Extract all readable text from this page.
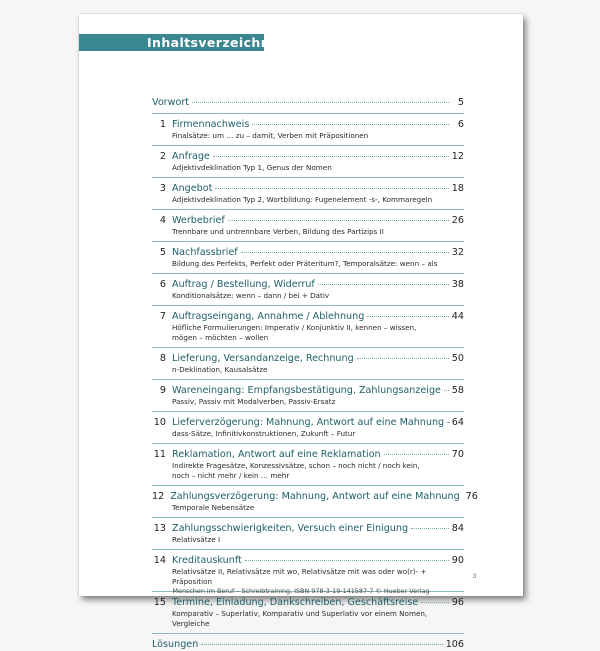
Inhaltsverzeichnis
Vorwort	5
1 Firmennachweis	6
Finalsätze: um … zu – damit, Verben mit Präpositionen
2 Anfrage	12
Adjektivdeklination Typ 1, Genus der Nomen
3 Angebot	18
Adjektivdeklination Typ 2, Wortbildung: Fugenelement -s-, Kommaregeln
4 Werbebrief	26
Trennbare und untrennbare Verben, Bildung des Partizips II
5 Nachfassbrief	32
Bildung des Perfekts, Perfekt oder Präteritum?, Temporalsätze: wenn – als
6 Auftrag / Bestellung, Widerruf	38
Konditionalsätze: wenn – dann / bei + Dativ
7 Auftragseingang, Annahme / Ablehnung	44
Höfliche Formulierungen: Imperativ / Konjunktiv II, kennen – wissen,
mögen – möchten – wollen
8 Lieferung, Versandanzeige, Rechnung	50
n-Deklination, Kausalsätze
9 Wareneingang: Empfangsbestätigung, Zahlungsanzeige 58
Passiv, Passiv mit Modalverben, Passiv-Ersatz
10 Lieferverzögerung: Mahnung, Antwort auf eine Mahnung 64
dass-Sätze, Infinitivkonstruktionen, Zukunft – Futur
11 Reklamation, Antwort auf eine Reklamation	70
Indirekte Fragesätze, Konzessivsätze, schon – noch nicht / noch kein,
noch – nicht mehr / kein … mehr
12 Zahlungsverzögerung: Mahnung, Antwort auf eine Mahnung 76
Temporale Nebensätze
13 Zahlungsschwierigkeiten, Versuch einer Einigung	84
Relativsätze I
14 Kreditauskunft	90
Relativsätze II, Relativsätze mit wo, Relativsätze mit was oder wo(r)- + Präposition
15 Termine, Einladung, Dankschreiben, Geschäftsreise	96
Komparativ – Superlativ, Komparativ und Superlativ vor einem Nomen, Vergleiche
Lösungen	106
3
Menschen im Beruf – Schreibtraining, ISBN 978-3-19-141587-7 © Hueber Verlag
